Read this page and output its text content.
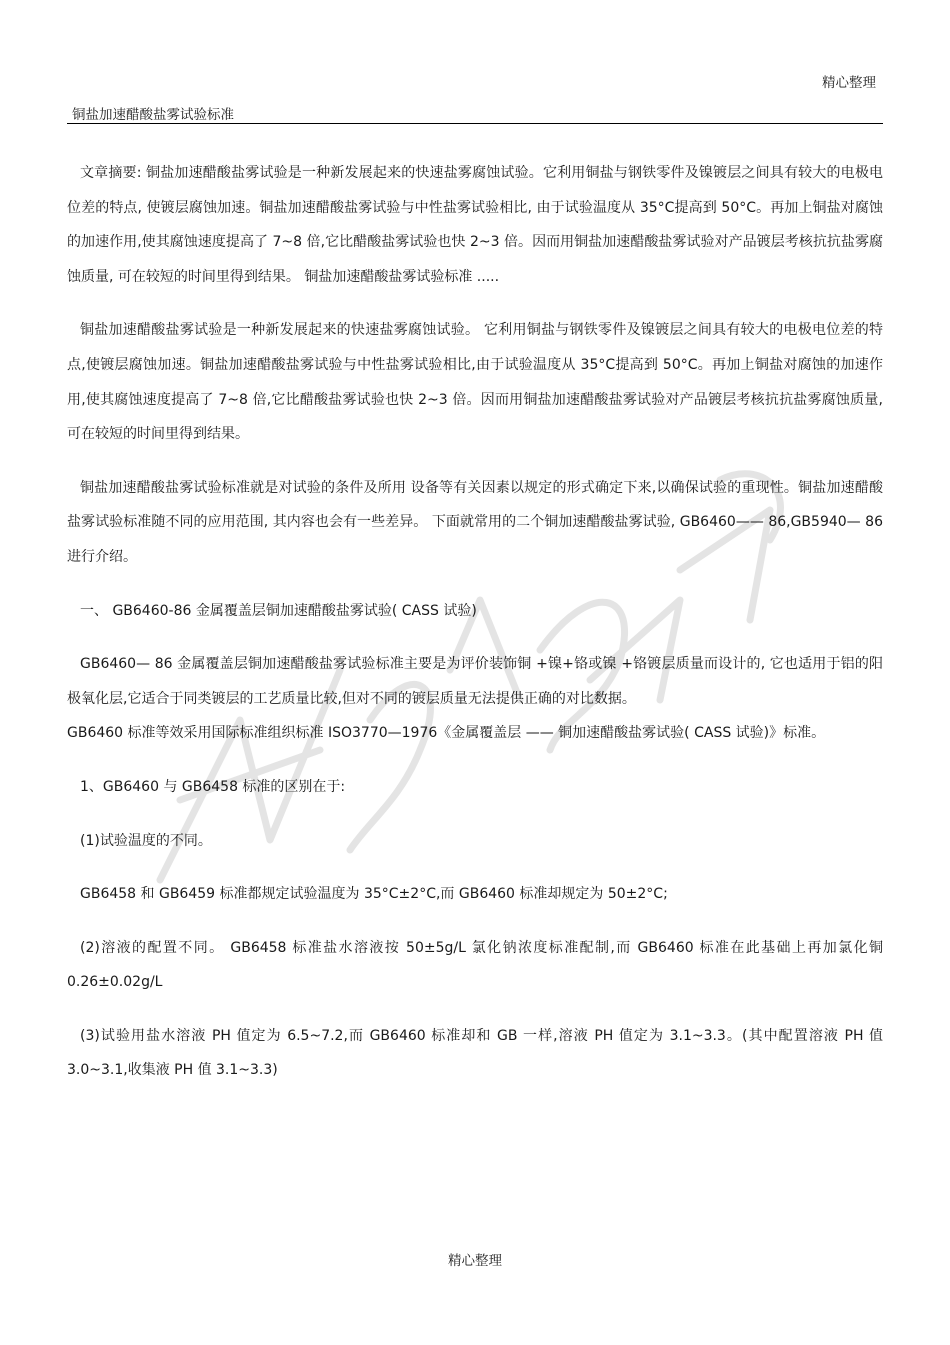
精心整理
铜盐加速醋酸盐雾试验标准

文章摘要: 铜盐加速醋酸盐雾试验是一种新发展起来的快速盐雾腐蚀试验。它利用铜盐与钢铁零件及镍镀层之间具有较大的电极电位差的特点, 使镀层腐蚀加速。铜盐加速醋酸盐雾试验与中性盐雾试验相比, 由于试验温度从 35°C提高到 50°C。再加上铜盐对腐蚀的加速作用,使其腐蚀速度提高了 7~8 倍,它比醋酸盐雾试验也快 2~3 倍。因而用铜盐加速醋酸盐雾试验对产品镀层考核抗抗盐雾腐蚀质量, 可在较短的时间里得到结果。 铜盐加速醋酸盐雾试验标准 .....

铜盐加速醋酸盐雾试验是一种新发展起来的快速盐雾腐蚀试验。 它利用铜盐与钢铁零件及镍镀层之间具有较大的电极电位差的特点,使镀层腐蚀加速。铜盐加速醋酸盐雾试验与中性盐雾试验相比,由于试验温度从 35°C提高到 50°C。再加上铜盐对腐蚀的加速作用,使其腐蚀速度提高了 7~8 倍,它比醋酸盐雾试验也快 2~3 倍。因而用铜盐加速醋酸盐雾试验对产品镀层考核抗抗盐雾腐蚀质量,可在较短的时间里得到结果。

铜盐加速醋酸盐雾试验标准就是对试验的条件及所用 设备等有关因素以规定的形式确定下来,以确保试验的重现性。铜盐加速醋酸盐雾试验标准随不同的应用范围, 其内容也会有一些差异。 下面就常用的二个铜加速醋酸盐雾试验, GB6460—— 86,GB5940— 86 进行介绍。

一、 GB6460-86 金属覆盖层铜加速醋酸盐雾试验( CASS 试验)

GB6460— 86 金属覆盖层铜加速醋酸盐雾试验标准主要是为评价装饰铜 +镍+铬或镍 +铬镀层质量而设计的, 它也适用于铝的阳极氧化层,它适合于同类镀层的工艺质量比较,但对不同的镀层质量无法提供正确的对比数据。

GB6460 标准等效采用国际标准组织标准 ISO3770—1976《金属覆盖层 —— 铜加速醋酸盐雾试验( CASS 试验)》标准。

1、GB6460 与 GB6458 标准的区别在于:

(1)试验温度的不同。

GB6458 和 GB6459 标准都规定试验温度为 35°C±2°C,而 GB6460 标准却规定为 50±2°C;

(2)溶液的配置不同。 GB6458 标准盐水溶液按 50±5g/L 氯化钠浓度标准配制,而 GB6460 标准在此基础上再加氯化铜 0.26±0.02g/L

(3)试验用盐水溶液 PH 值定为 6.5~7.2,而 GB6460 标准却和 GB 一样,溶液 PH 值定为 3.1~3.3。(其中配置溶液 PH 值 3.0~3.1,收集液 PH 值 3.1~3.3)

精心整理
